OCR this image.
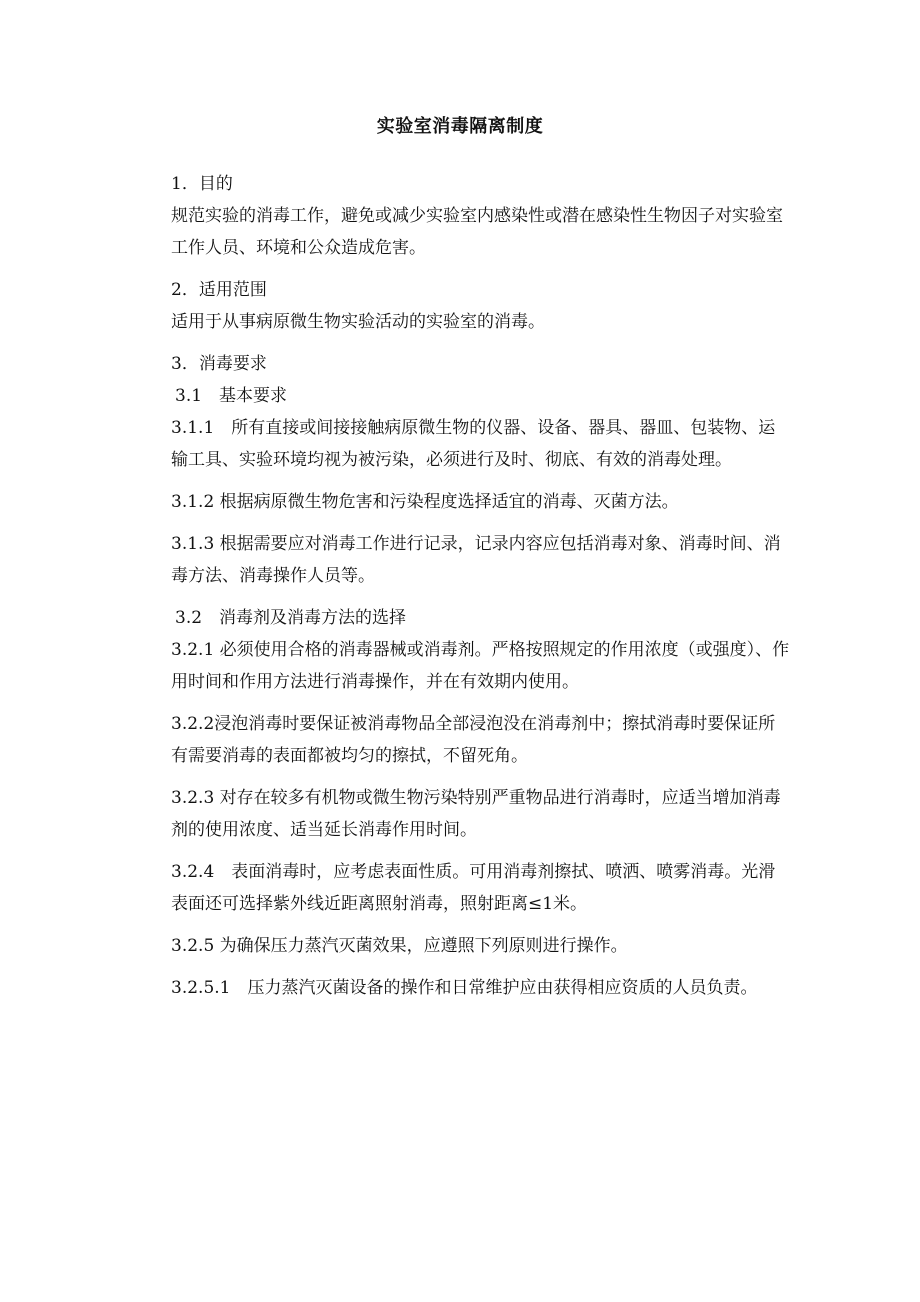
实验室消毒隔离制度

1．目的

规范实验的消毒工作，避免或减少实验室内感染性或潜在感染性生物因子对实验室工作人员、环境和公众造成危害。

2．适用范围

适用于从事病原微生物实验活动的实验室的消毒。

3．消毒要求

3.1　基本要求

3.1.1　所有直接或间接接触病原微生物的仪器、设备、器具、器皿、包装物、运输工具、实验环境均视为被污染，必须进行及时、彻底、有效的消毒处理。

3.1.2 根据病原微生物危害和污染程度选择适宜的消毒、灭菌方法。

3.1.3 根据需要应对消毒工作进行记录，记录内容应包括消毒对象、消毒时间、消毒方法、消毒操作人员等。

3.2　消毒剂及消毒方法的选择

3.2.1 必须使用合格的消毒器械或消毒剂。严格按照规定的作用浓度（或强度）、作用时间和作用方法进行消毒操作，并在有效期内使用。

3.2.2浸泡消毒时要保证被消毒物品全部浸泡没在消毒剂中；擦拭消毒时要保证所有需要消毒的表面都被均匀的擦拭，不留死角。

3.2.3 对存在较多有机物或微生物污染特别严重物品进行消毒时，应适当增加消毒剂的使用浓度、适当延长消毒作用时间。

3.2.4　表面消毒时，应考虑表面性质。可用消毒剂擦拭、喷洒、喷雾消毒。光滑表面还可选择紫外线近距离照射消毒，照射距离≤1米。

3.2.5 为确保压力蒸汽灭菌效果，应遵照下列原则进行操作。

3.2.5.1　压力蒸汽灭菌设备的操作和日常维护应由获得相应资质的人员负责。
